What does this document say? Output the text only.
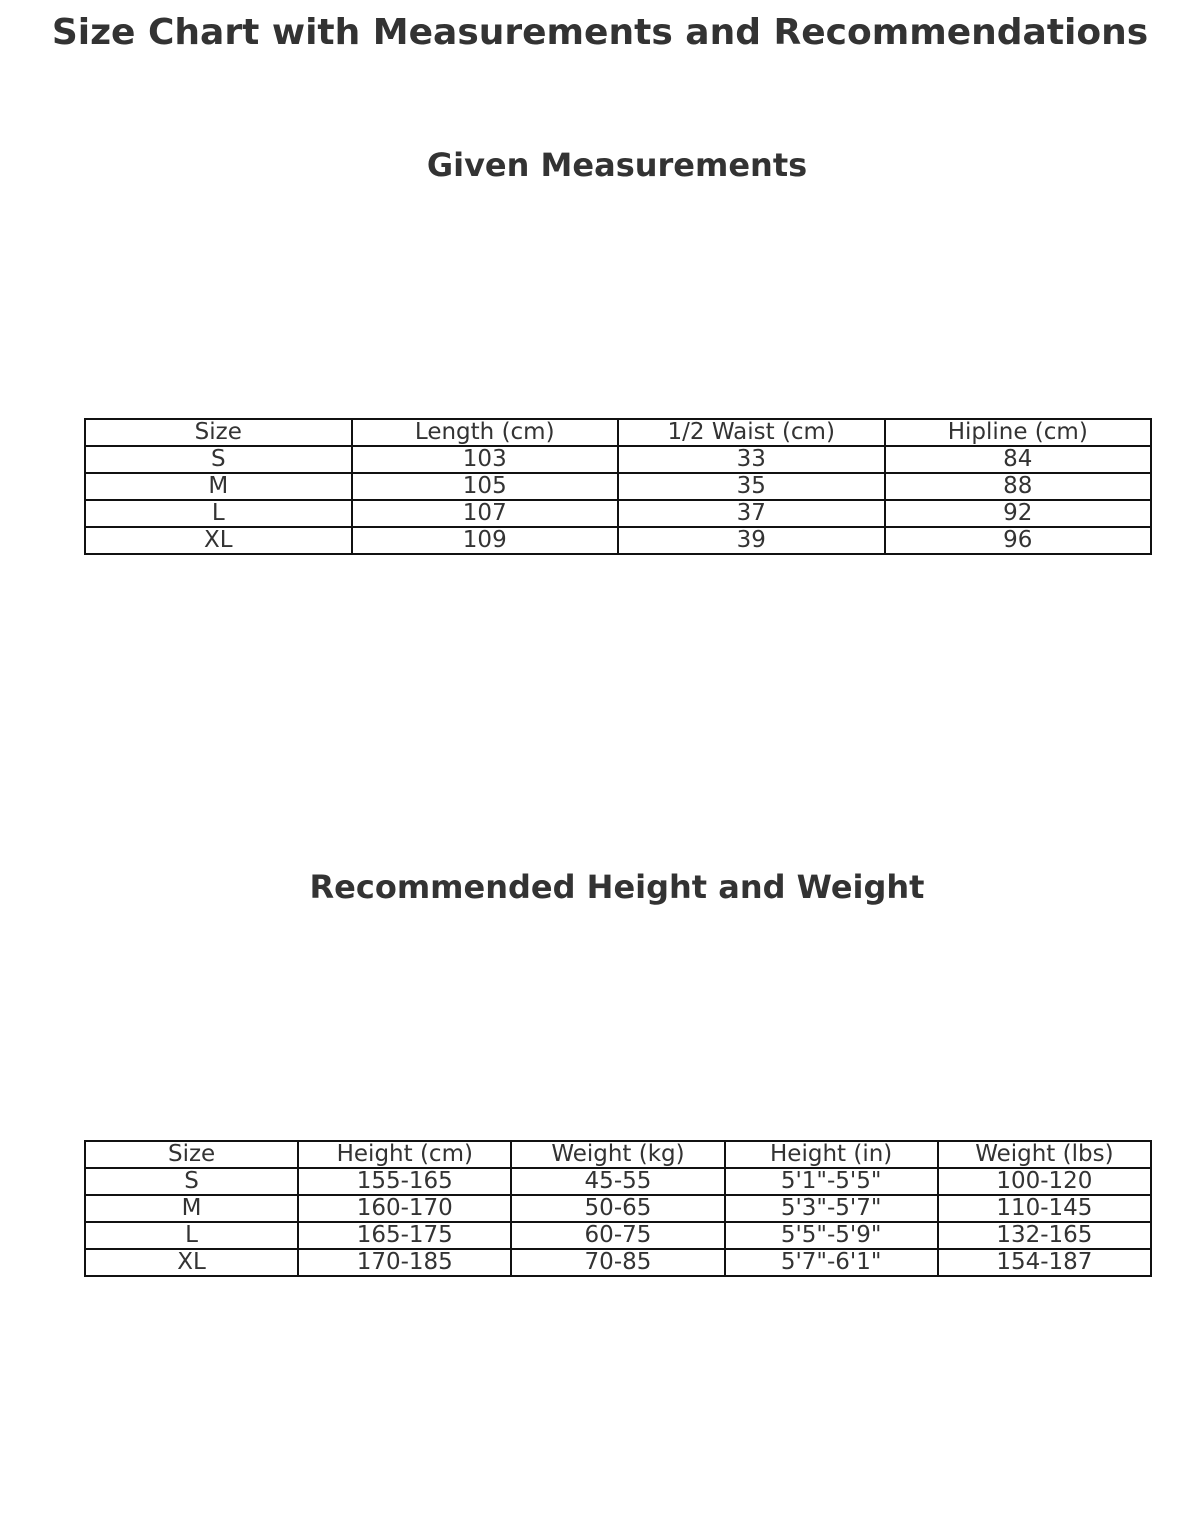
Size Chart with Measurements and Recommendations
Given Measurements
Size	Length (cm)	1/2 Waist (cm)	Hipline (cm)
S	103	33	84
M	105	35	88
L	107	37	92
XL	109	39	96
Recommended Height and Weight
Size	Height (cm)	Weight (kg)	Height (in)	Weight (lbs)
S	155-165	45-55	5'1"-5'5"	100-120
M	160-170	50-65	5'3"-5'7"	110-145
L	165-175	60-75	5'5"-5'9"	132-165
XL	170-185	70-85	5'7"-6'1"	154-187
